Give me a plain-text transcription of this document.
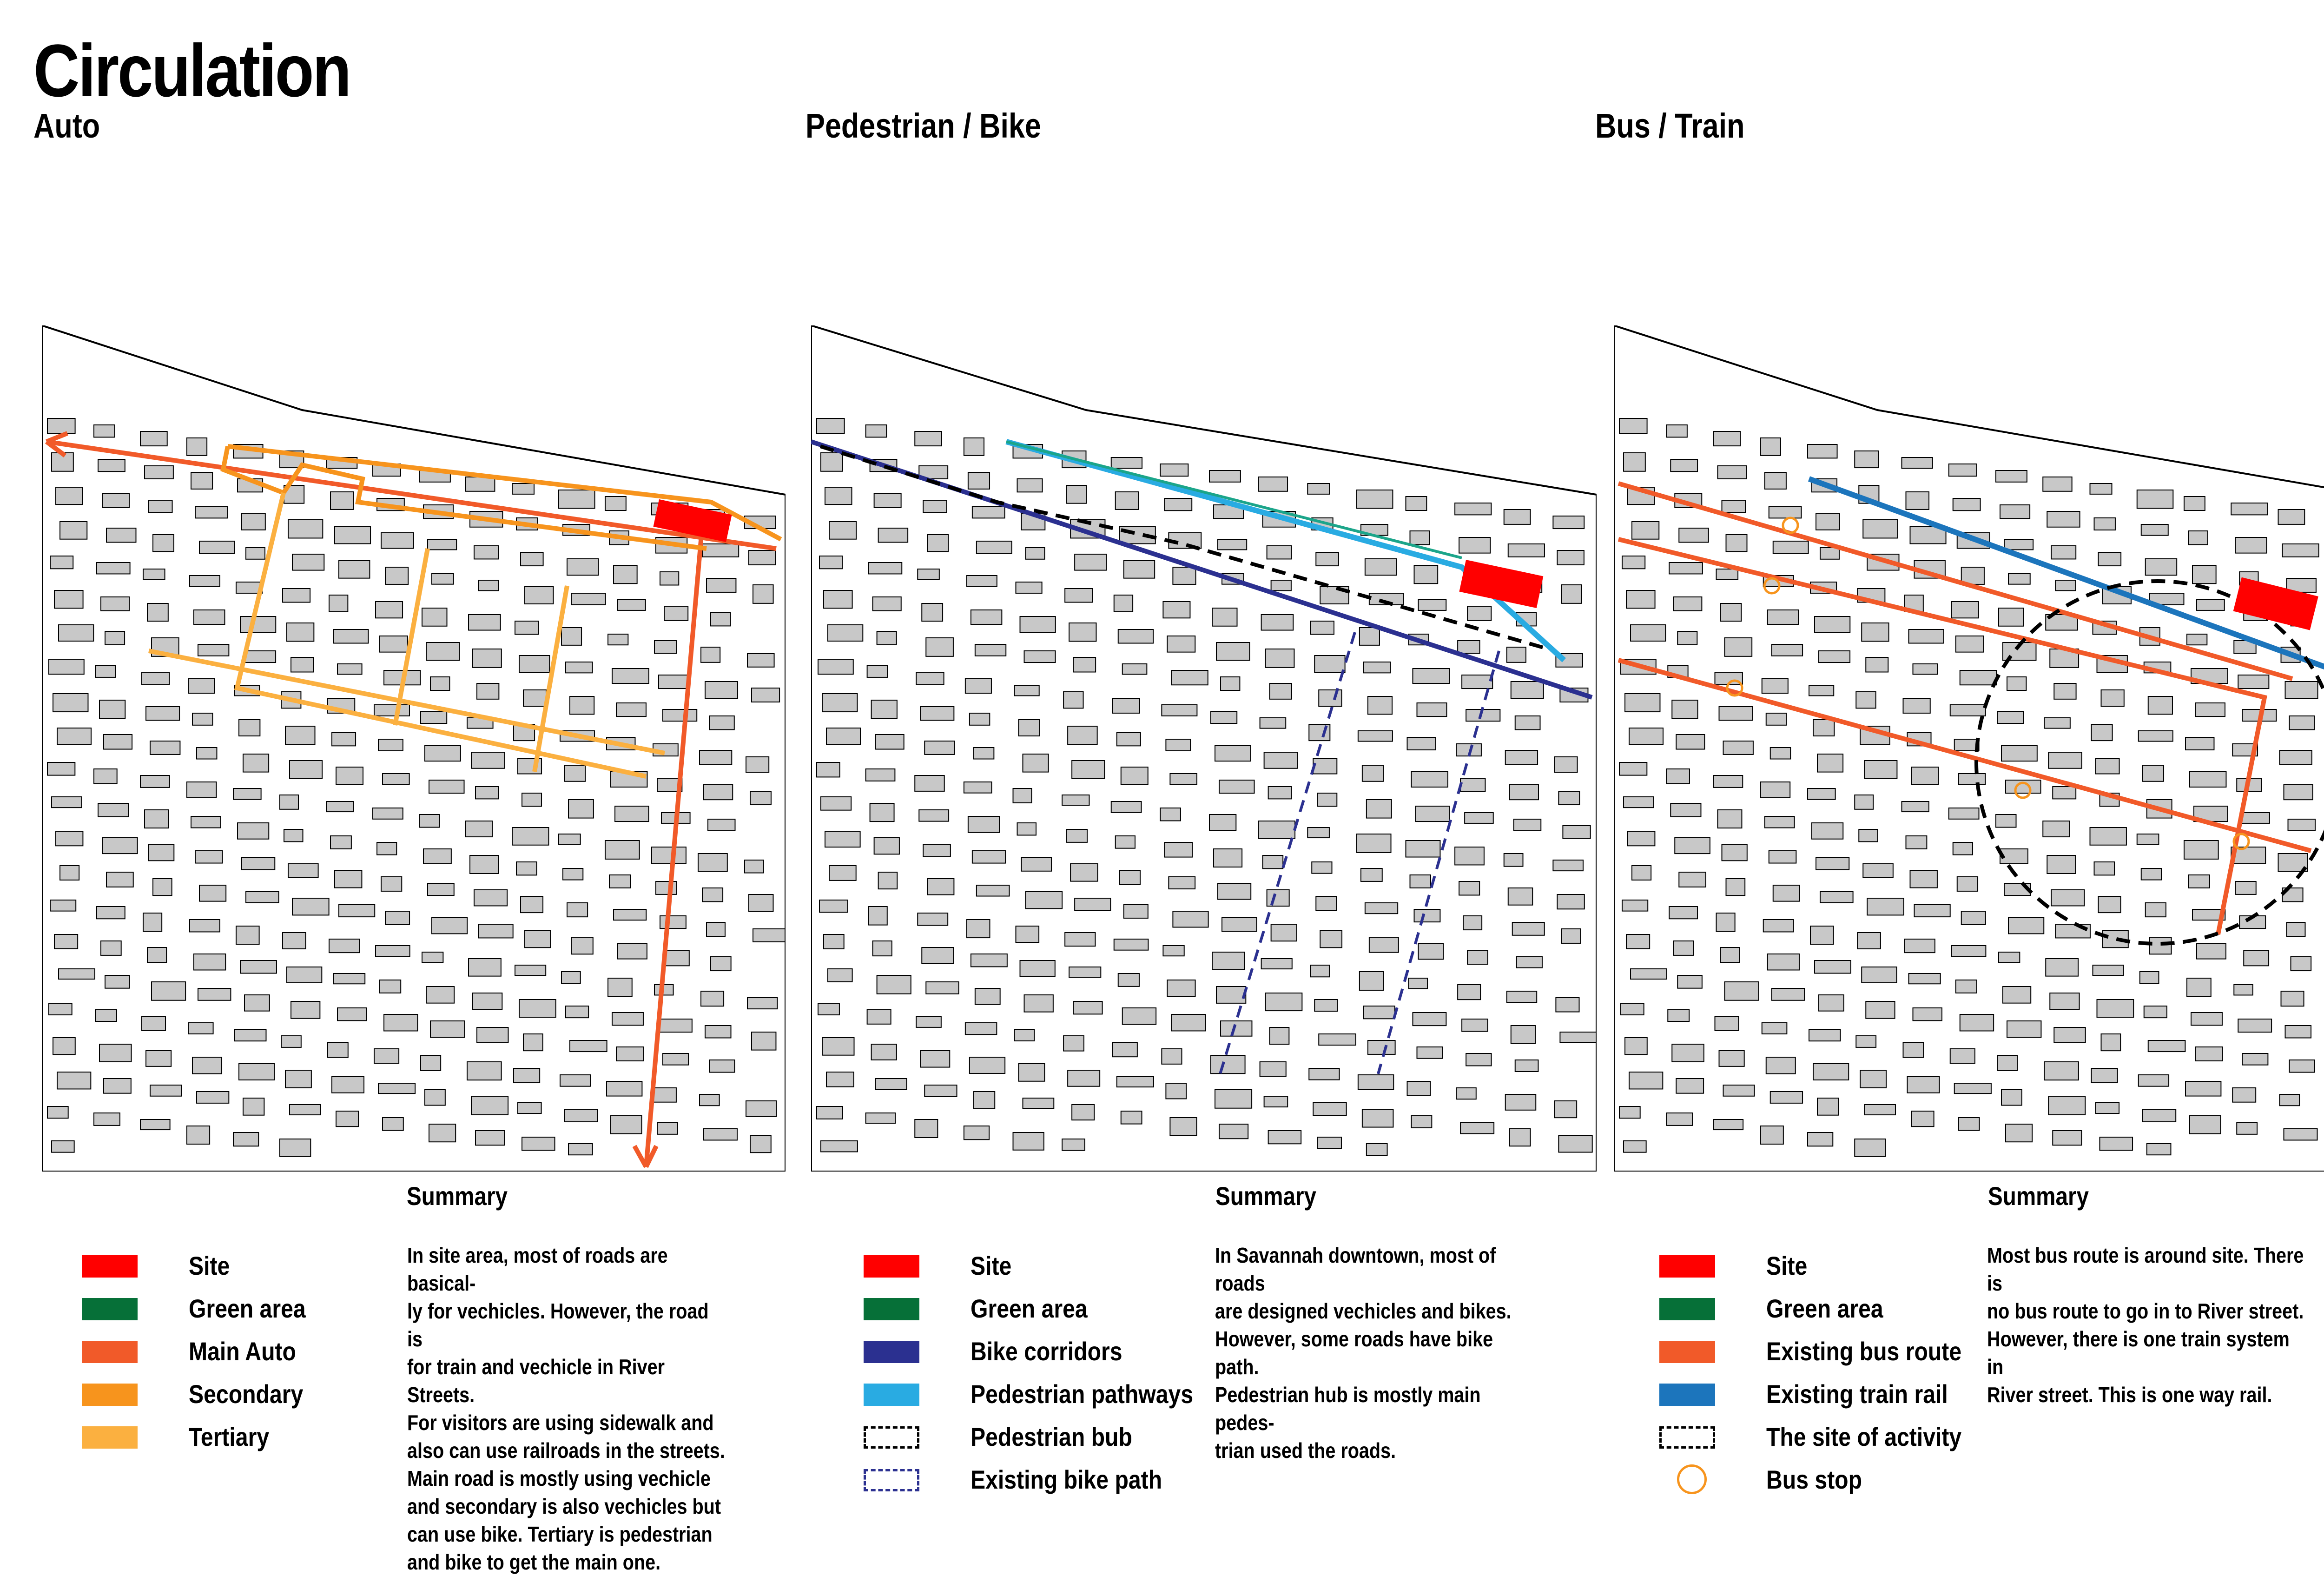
Circulation
Auto	Pedestrian / Bike	Bus / Train
Summary	Summary	Summary
In site area, most of roads are basical-
ly for vechicles. However, the road is
for train and vechicle in River Streets.
For visitors are using sidewalk and
also can use railroads in the streets.
Main road is mostly using vechicle
and secondary is also vechicles but
can use bike. Tertiary is pedestrian
and bike to get the main one.
In Savannah downtown, most of roads
are designed vechicles and bikes.
However, some roads have bike path.
Pedestrian hub is mostly main pedes-
trian used the roads.
Most bus route is around site. There is
no bus route to go in to River street.
However, there is one train system in
River street. This is one way rail.
Site
Green area
Main Auto
Secondary
Tertiary
Site
Green area
Bike corridors
Pedestrian pathways
Pedestrian bub
Existing bike path
Site
Green area
Existing bus route
Existing train rail
The site of activity
Bus stop
